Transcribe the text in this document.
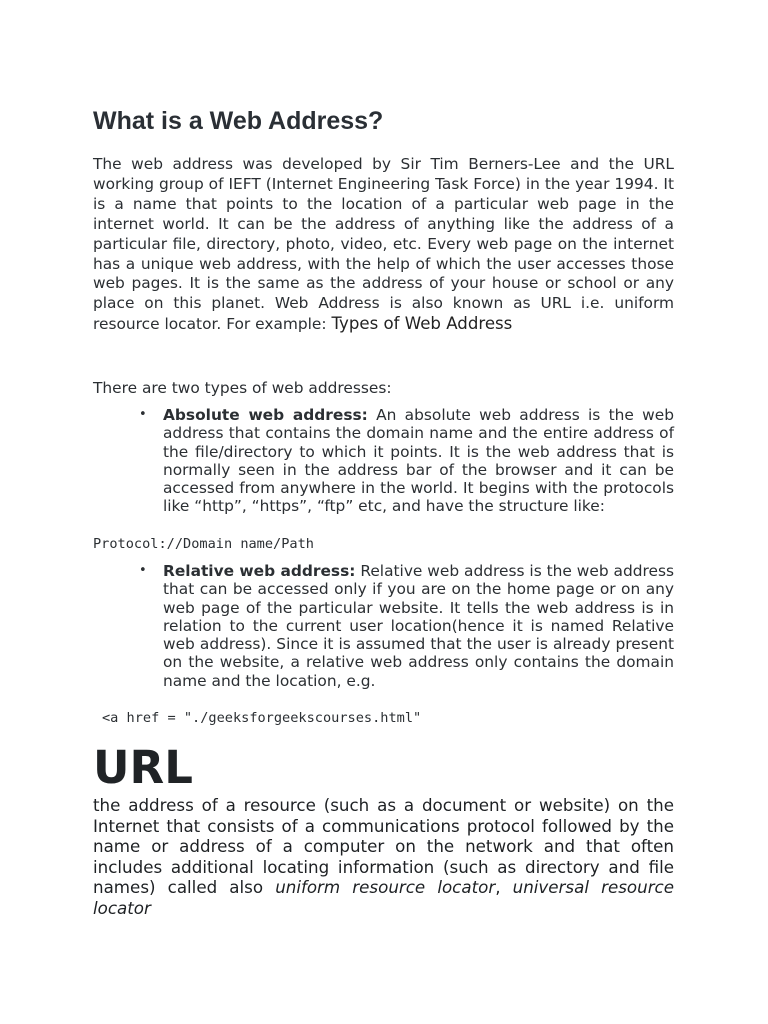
What is a Web Address?

The web address was developed by Sir Tim Berners-Lee and the URL working group of IEFT (Internet Engineering Task Force) in the year 1994. It is a name that points to the location of a particular web page in the internet world. It can be the address of anything like the address of a particular file, directory, photo, video, etc. Every web page on the internet has a unique web address, with the help of which the user accesses those web pages. It is the same as the address of your house or school or any place on this planet. Web Address is also known as URL i.e. uniform resource locator. For example: Types of Web Address

There are two types of web addresses:

• Absolute web address: An absolute web address is the web address that contains the domain name and the entire address of the file/directory to which it points. It is the web address that is normally seen in the address bar of the browser and it can be accessed from anywhere in the world. It begins with the protocols like “http”, “https”, “ftp” etc, and have the structure like:

Protocol://Domain name/Path

• Relative web address: Relative web address is the web address that can be accessed only if you are on the home page or on any web page of the particular website. It tells the web address is in relation to the current user location(hence it is named Relative web address). Since it is assumed that the user is already present on the website, a relative web address only contains the domain name and the location, e.g.

<a href = "./geeksforgeekscourses.html"
URL

the address of a resource (such as a document or website) on the Internet that consists of a communications protocol followed by the name or address of a computer on the network and that often includes additional locating information (such as directory and file names) called also uniform resource locator, universal resource locator
